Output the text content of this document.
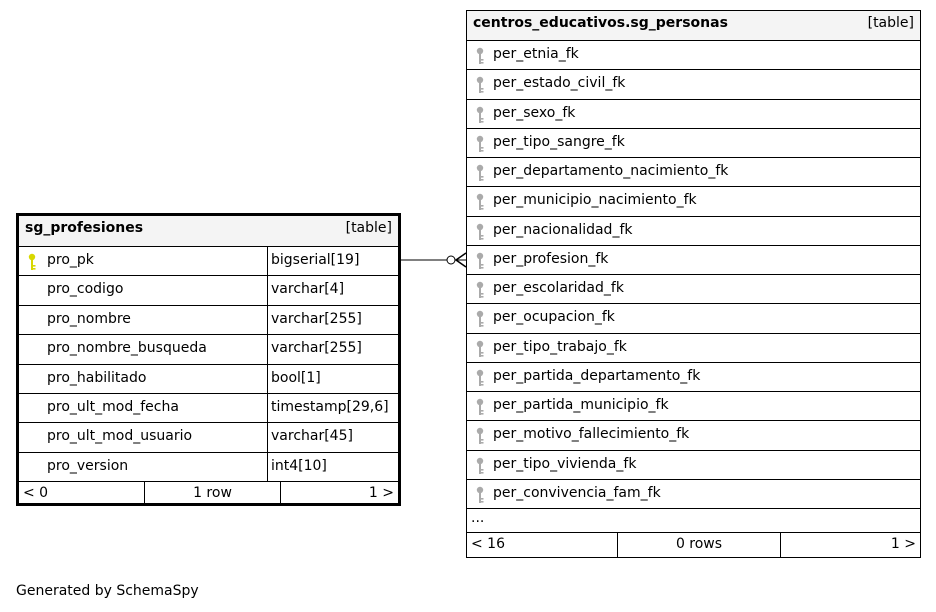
sg_profesiones	[table]
pro_pk	bigserial[19]
pro_codigo	varchar[4]
pro_nombre	varchar[255]
pro_nombre_busqueda	varchar[255]
pro_habilitado	bool[1]
pro_ult_mod_fecha	timestamp[29,6]
pro_ult_mod_usuario	varchar[45]
pro_version	int4[10]
< 0	1 row	1 >
centros_educativos.sg_personas	[table]
per_etnia_fk
per_estado_civil_fk
per_sexo_fk
per_tipo_sangre_fk
per_departamento_nacimiento_fk
per_municipio_nacimiento_fk
per_nacionalidad_fk
per_profesion_fk
per_escolaridad_fk
per_ocupacion_fk
per_tipo_trabajo_fk
per_partida_departamento_fk
per_partida_municipio_fk
per_motivo_fallecimiento_fk
per_tipo_vivienda_fk
per_convivencia_fam_fk
...
< 16	0 rows	1 >
Generated by SchemaSpy
